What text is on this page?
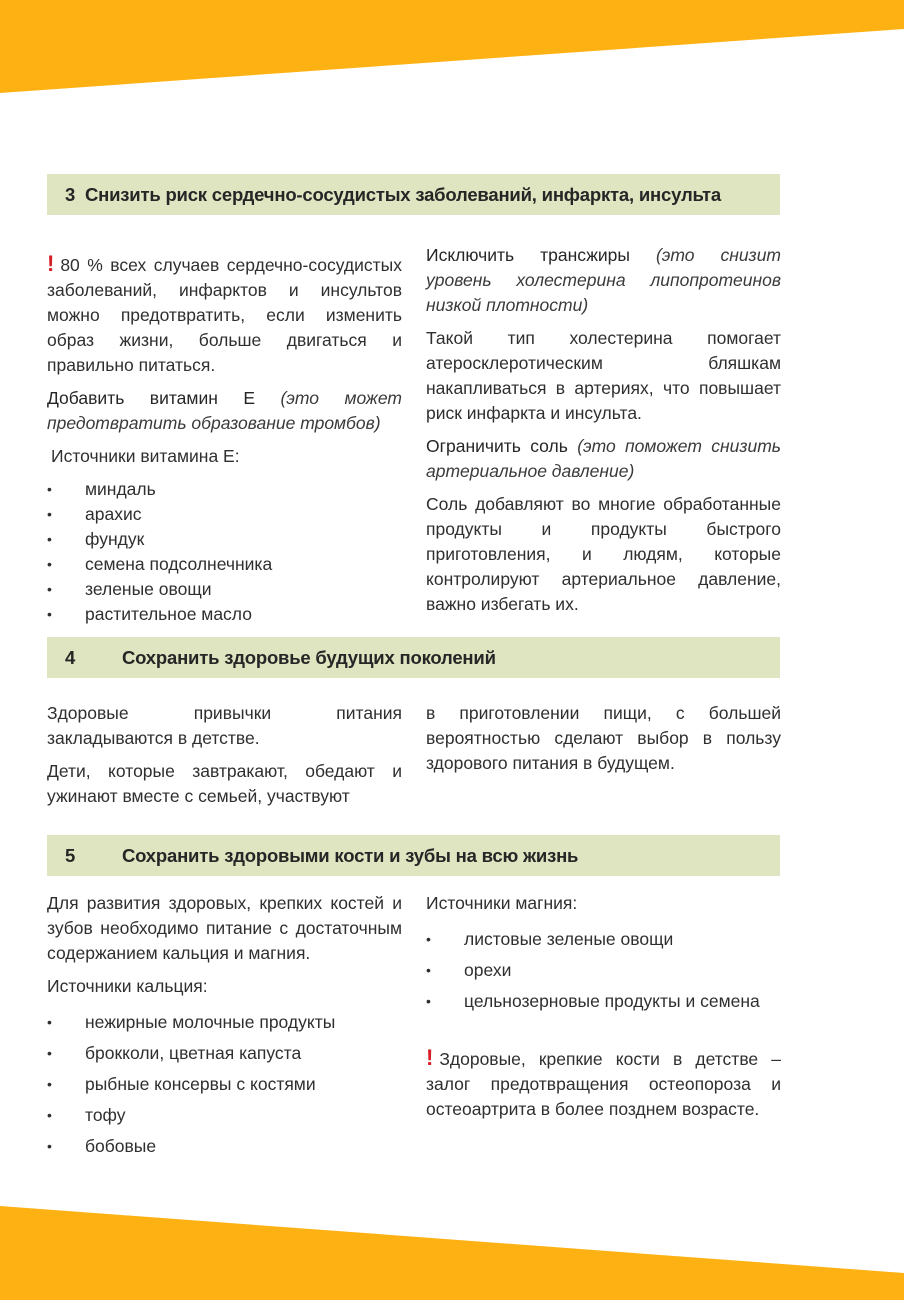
3 Снизить риск сердечно-сосудистых заболеваний, инфаркта, инсульта

! 80 % всех случаев сердечно-сосудистых заболеваний, инфарктов и инсультов можно предотвратить, если изменить образ жизни, больше двигаться и правильно питаться.

Добавить витамин Е (это может предотвратить образование тромбов)

Источники витамина Е:

• миндаль
• арахис
• фундук
• семена подсолнечника
• зеленые овощи
• растительное масло

Исключить трансжиры (это снизит уровень холестерина липопротеинов низкой плотности)

Такой тип холестерина помогает атеросклеротическим бляшкам накапливаться в артериях, что повышает риск инфаркта и инсульта.

Ограничить соль (это поможет снизить артериальное давление)

Соль добавляют во многие обработанные продукты и продукты быстрого приготовления, и людям, которые контролируют артериальное давление, важно избегать их.

4	Сохранить здоровье будущих поколений

Здоровые привычки питания закладываются в детстве.

Дети, которые завтракают, обедают и ужинают вместе с семьей, участвуют

в приготовлении пищи, с большей вероятностью сделают выбор в пользу здорового питания в будущем.

5	Сохранить здоровыми кости и зубы на всю жизнь

Для развития здоровых, крепких костей и зубов необходимо питание с достаточным содержанием кальция и магния.

Источники кальция:

• нежирные молочные продукты
• брокколи, цветная капуста
• рыбные консервы с костями
• тофу
• бобовые

Источники магния:

• листовые зеленые овощи
• орехи
• цельнозерновые продукты и семена

! Здоровые, крепкие кости в детстве – залог предотвращения остеопороза и остеоартрита в более позднем возрасте.
